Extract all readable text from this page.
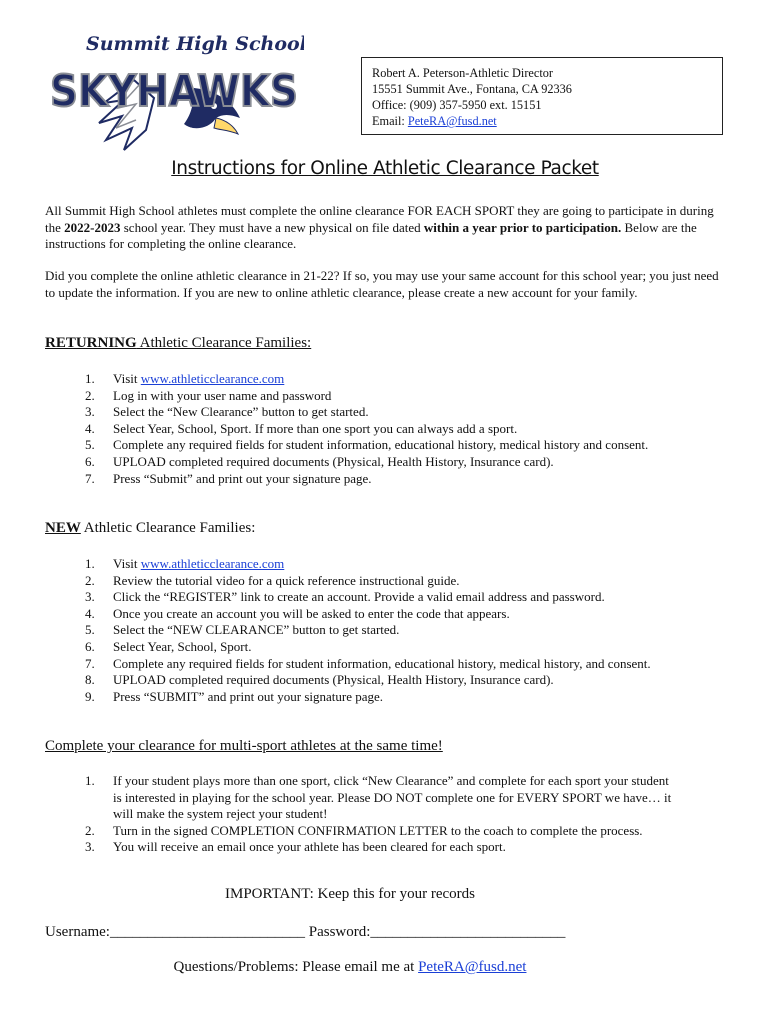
Summit High School
SKYHAWKS	Robert A. Peterson-Athletic Director
15551 Summit Ave., Fontana, CA 92336
Office: (909) 357-5950 ext. 15151
Email: PeteRA@fusd.net
Instructions for Online Athletic Clearance Packet
All Summit High School athletes must complete the online clearance FOR EACH SPORT they are going to participate in during the 2022-2023 school year. They must have a new physical on file dated within a year prior to participation. Below are the instructions for completing the online clearance.
Did you complete the online athletic clearance in 21-22? If so, you may use your same account for this school year; you just need to update the information. If you are new to online athletic clearance, please create a new account for your family.
RETURNING Athletic Clearance Families:
1.	Visit www.athleticclearance.com
2.	Log in with your user name and password
3.	Select the “New Clearance” button to get started.
4.	Select Year, School, Sport. If more than one sport you can always add a sport.
5.	Complete any required fields for student information, educational history, medical history and consent.
6.	UPLOAD completed required documents (Physical, Health History, Insurance card).
7.	Press “Submit” and print out your signature page.
NEW Athletic Clearance Families:
1.	Visit www.athleticclearance.com
2.	Review the tutorial video for a quick reference instructional guide.
3.	Click the “REGISTER” link to create an account. Provide a valid email address and password.
4.	Once you create an account you will be asked to enter the code that appears.
5.	Select the “NEW CLEARANCE” button to get started.
6.	Select Year, School, Sport.
7.	Complete any required fields for student information, educational history, medical history, and consent.
8.	UPLOAD completed required documents (Physical, Health History, Insurance card).
9.	Press “SUBMIT” and print out your signature page.
Complete your clearance for multi-sport athletes at the same time!
1.	If your student plays more than one sport, click “New Clearance” and complete for each sport your student is interested in playing for the school year. Please DO NOT complete one for EVERY SPORT we have… it will make the system reject your student!
2.	Turn in the signed COMPLETION CONFIRMATION LETTER to the coach to complete the process.
3.	You will receive an email once your athlete has been cleared for each sport.
IMPORTANT: Keep this for your records
Username:__________________________ Password:__________________________
Questions/Problems: Please email me at PeteRA@fusd.net
